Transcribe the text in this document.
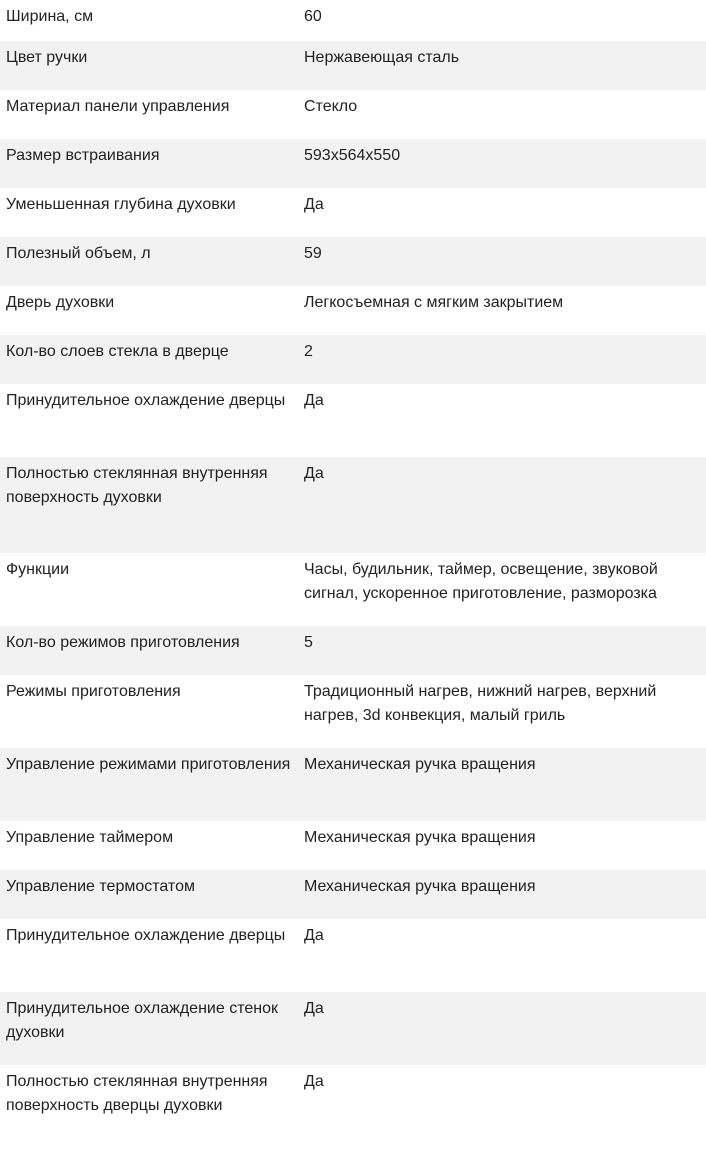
Ширина, см	60
Цвет ручки	Нержавеющая сталь
Материал панели управления	Стекло
Размер встраивания	593x564x550
Уменьшенная глубина духовки	Да
Полезный объем, л	59
Дверь духовки	Легкосъемная с мягким закрытием
Кол-во слоев стекла в дверце	2
Принудительное охлаждение дверцы	Да
Полностью стеклянная внутренняя поверхность духовки	Да
Функции	Часы, будильник, таймер, освещение, звуковой сигнал, ускоренное приготовление, разморозка
Кол-во режимов приготовления	5
Режимы приготовления	Традиционный нагрев, нижний нагрев, верхний нагрев, 3d конвекция, малый гриль
Управление режимами приготовления	Механическая ручка вращения
Управление таймером	Механическая ручка вращения
Управление термостатом	Механическая ручка вращения
Принудительное охлаждение дверцы	Да
Принудительное охлаждение стенок духовки	Да
Полностью стеклянная внутренняя поверхность дверцы духовки	Да
